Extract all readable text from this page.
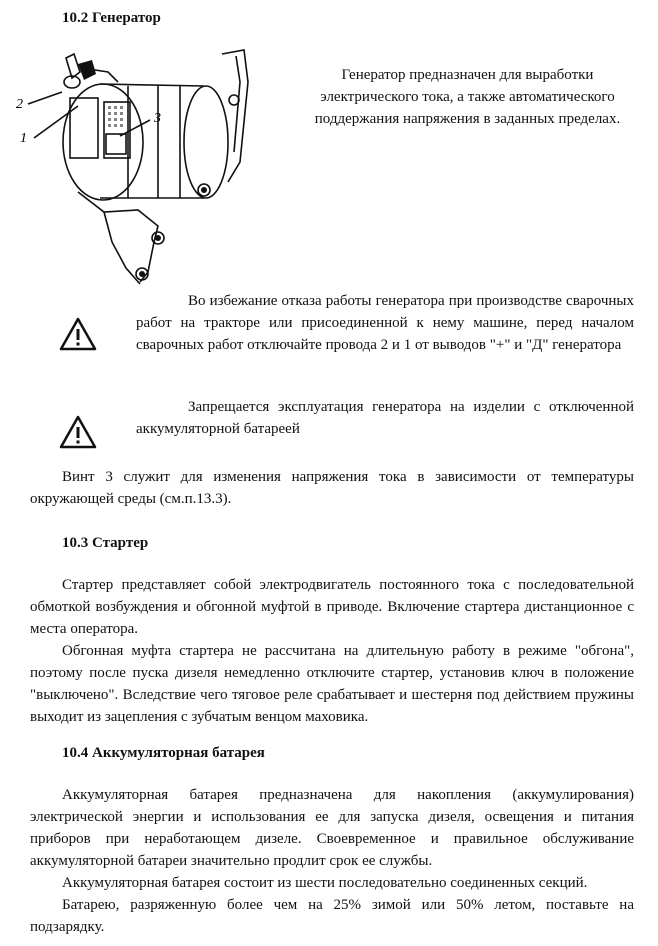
10.2 Генератор
2
1
3

Генератор предназначен для выработки электрического тока, а также автоматического поддержания напряжения в заданных пределах.

Во избежание отказа работы генератора при производстве сварочных работ на тракторе или присоединенной к нему машине, перед началом сварочных работ отключайте провода 2 и 1 от выводов "+" и "Д" генератора

Запрещается эксплуатация генератора на изделии с отключенной аккумуляторной батареей

Винт 3 служит для изменения напряжения тока в зависимости от температуры окружающей среды (см.п.13.3).

10.3 Стартер

Стартер представляет собой электродвигатель постоянного тока с последовательной обмоткой возбуждения и обгонной муфтой в приводе. Включение стартера дистанционное с места оператора.

Обгонная муфта стартера не рассчитана на длительную работу в режиме "обгона", поэтому после пуска дизеля немедленно отключите стартер, установив ключ в положение "выключено". Вследствие чего тяговое реле срабатывает и шестерня под действием пружины выходит из зацепления с зубчатым венцом маховика.

10.4 Аккумуляторная батарея

Аккумуляторная батарея предназначена для накопления (аккумулирования) электрической энергии и использования ее для запуска дизеля, освещения и питания приборов при неработающем дизеле. Своевременное и правильное обслуживание аккумуляторной батареи значительно продлит срок ее службы.

Аккумуляторная батарея состоит из шести последовательно соединенных секций.

Батарею, разряженную более чем на 25% зимой или 50% летом, поставьте на подзарядку.
